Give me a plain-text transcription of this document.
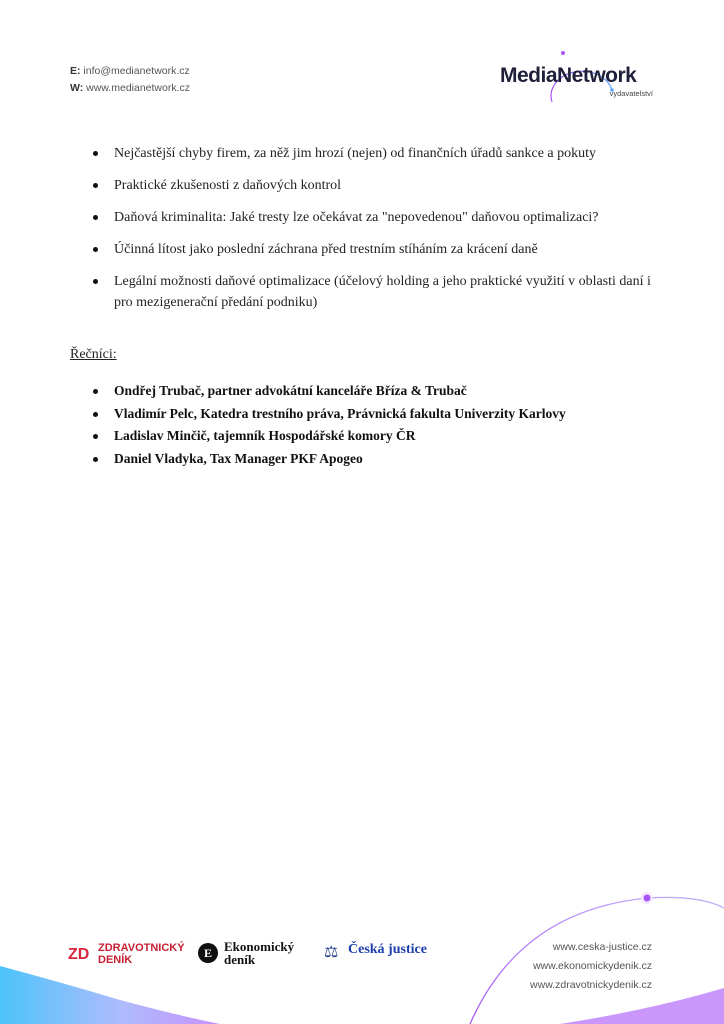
E: info@medianetwork.cz
W: www.medianetwork.cz
MediaNetwork
vydavatelství
Nejčastější chyby firem, za něž jim hrozí (nejen) od finančních úřadů sankce a pokuty
Praktické zkušenosti z daňových kontrol
Daňová kriminalita: Jaké tresty lze očekávat za "nepovedenou" daňovou optimalizaci?
Účinná lítost jako poslední záchrana před trestním stíháním za krácení daně
Legální možnosti daňové optimalizace (účelový holding a jeho praktické využití v oblasti daní i pro mezigenerační předání podniku)
Řečníci:
Ondřej Trubač, partner advokátní kanceláře Bříza & Trubač
Vladimír Pelc, Katedra trestního práva, Právnická fakulta Univerzity Karlovy
Ladislav Minčič, tajemník Hospodářské komory ČR
Daniel Vladyka, Tax Manager PKF Apogeo
ZD ZDRAVOTNICKÝ DENÍK	E Ekonomický deník	⚖ Česká justice	www.ceska-justice.cz
www.ekonomickydenik.cz
www.zdravotnickydenik.cz
